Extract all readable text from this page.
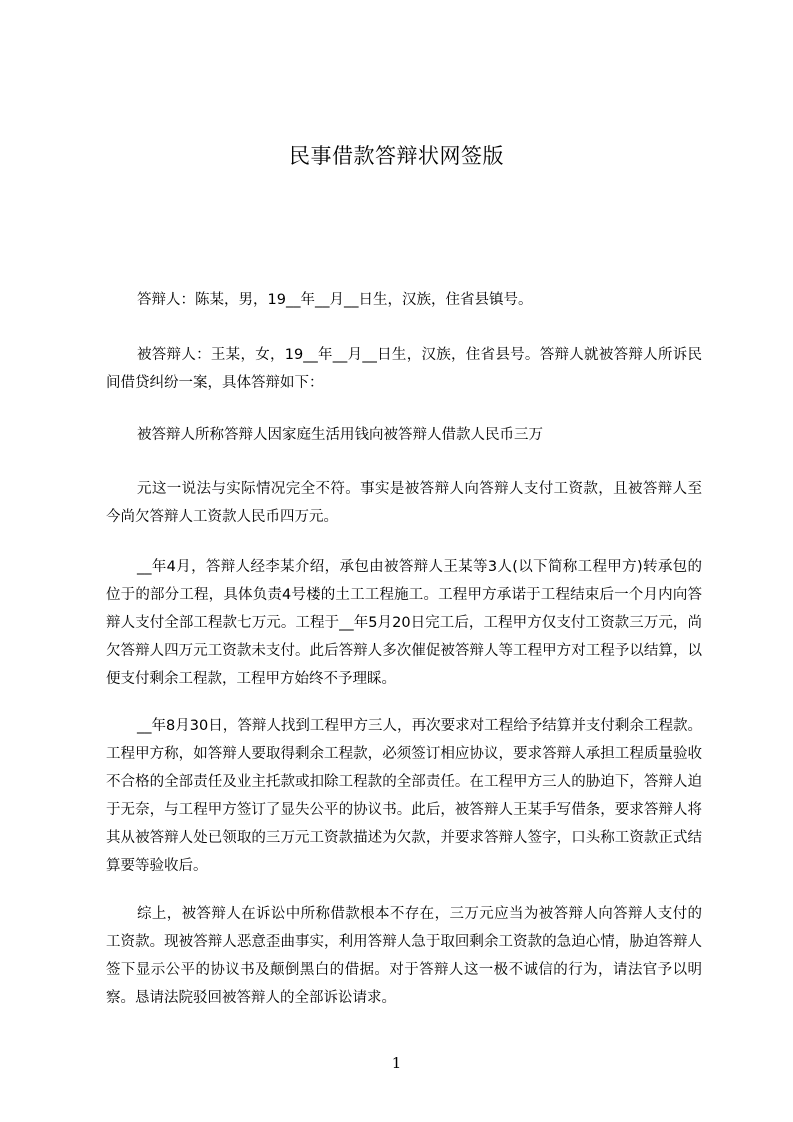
民事借款答辩状网签版
答辩人：陈某，男，19__年__月__日生，汉族，住省县镇号。
被答辩人：王某，女，19__年__月__日生，汉族，住省县号。答辩人就被答辩人所诉民间借贷纠纷一案，具体答辩如下：
被答辩人所称答辩人因家庭生活用钱向被答辩人借款人民币三万
元这一说法与实际情况完全不符。事实是被答辩人向答辩人支付工资款，且被答辩人至今尚欠答辩人工资款人民币四万元。
__年4月，答辩人经李某介绍，承包由被答辩人王某等3人(以下简称工程甲方)转承包的位于的部分工程，具体负责4号楼的土工工程施工。工程甲方承诺于工程结束后一个月内向答辩人支付全部工程款七万元。工程于__年5月20日完工后，工程甲方仅支付工资款三万元，尚欠答辩人四万元工资款未支付。此后答辩人多次催促被答辩人等工程甲方对工程予以结算，以便支付剩余工程款，工程甲方始终不予理睬。
__年8月30日，答辩人找到工程甲方三人，再次要求对工程给予结算并支付剩余工程款。工程甲方称，如答辩人要取得剩余工程款，必须签订相应协议，要求答辩人承担工程质量验收不合格的全部责任及业主托款或扣除工程款的全部责任。在工程甲方三人的胁迫下，答辩人迫于无奈，与工程甲方签订了显失公平的协议书。此后，被答辩人王某手写借条，要求答辩人将其从被答辩人处已领取的三万元工资款描述为欠款，并要求答辩人签字，口头称工资款正式结算要等验收后。
综上，被答辩人在诉讼中所称借款根本不存在，三万元应当为被答辩人向答辩人支付的工资款。现被答辩人恶意歪曲事实，利用答辩人急于取回剩余工资款的急迫心情，胁迫答辩人签下显示公平的协议书及颠倒黑白的借据。对于答辩人这一极不诚信的行为，请法官予以明察。恳请法院驳回被答辩人的全部诉讼请求。
1
